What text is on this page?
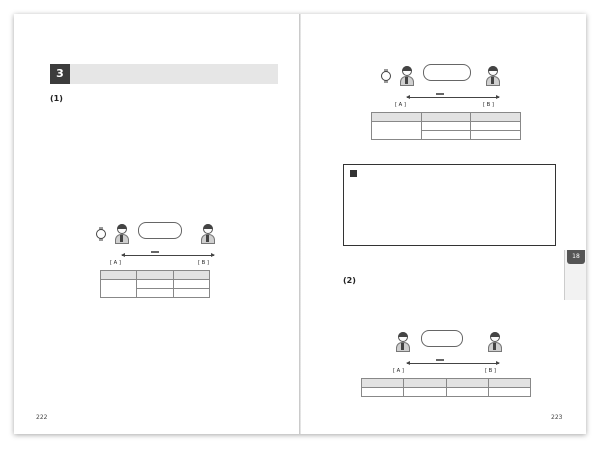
3
(1)
[ A ]	[ B ]

222
[ A ]	[ B ]

18
(2)
[ A ]	[ B ]

223
